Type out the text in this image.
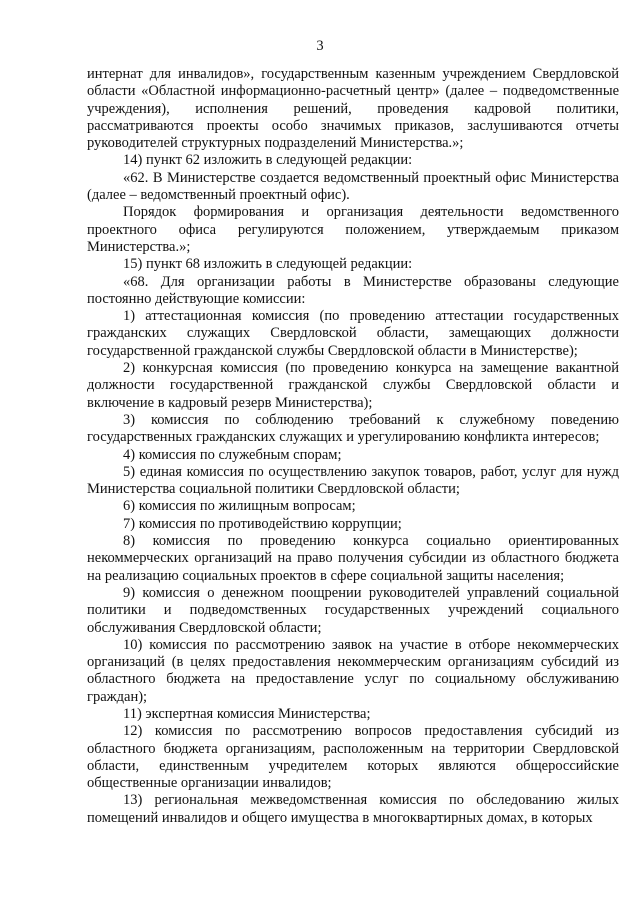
3

интернат для инвалидов», государственным казенным учреждением Свердловской области «Областной информационно-расчетный центр» (далее – подведомственные учреждения), исполнения решений, проведения кадровой политики, рассматриваются проекты особо значимых приказов, заслушиваются отчеты руководителей структурных подразделений Министерства.»;

14) пункт 62 изложить в следующей редакции:

«62. В Министерстве создается ведомственный проектный офис Министерства (далее – ведомственный проектный офис).

Порядок формирования и организация деятельности ведомственного проектного офиса регулируются положением, утверждаемым приказом Министерства.»;

15) пункт 68 изложить в следующей редакции:

«68. Для организации работы в Министерстве образованы следующие постоянно действующие комиссии:

1) аттестационная комиссия (по проведению аттестации государственных гражданских служащих Свердловской области, замещающих должности государственной гражданской службы Свердловской области в Министерстве);

2) конкурсная комиссия (по проведению конкурса на замещение вакантной должности государственной гражданской службы Свердловской области и включение в кадровый резерв Министерства);

3) комиссия по соблюдению требований к служебному поведению государственных гражданских служащих и урегулированию конфликта интересов;

4) комиссия по служебным спорам;

5) единая комиссия по осуществлению закупок товаров, работ, услуг для нужд Министерства социальной политики Свердловской области;

6) комиссия по жилищным вопросам;

7) комиссия по противодействию коррупции;

8) комиссия по проведению конкурса социально ориентированных некоммерческих организаций на право получения субсидии из областного бюджета на реализацию социальных проектов в сфере социальной защиты населения;

9) комиссия о денежном поощрении руководителей управлений социальной политики и подведомственных государственных учреждений социального обслуживания Свердловской области;

10) комиссия по рассмотрению заявок на участие в отборе некоммерческих организаций (в целях предоставления некоммерческим организациям субсидий из областного бюджета на предоставление услуг по социальному обслуживанию граждан);

11) экспертная комиссия Министерства;

12) комиссия по рассмотрению вопросов предоставления субсидий из областного бюджета организациям, расположенным на территории Свердловской области, единственным учредителем которых являются общероссийские общественные организации инвалидов;

13) региональная межведомственная комиссия по обследованию жилых помещений инвалидов и общего имущества в многоквартирных домах, в которых
